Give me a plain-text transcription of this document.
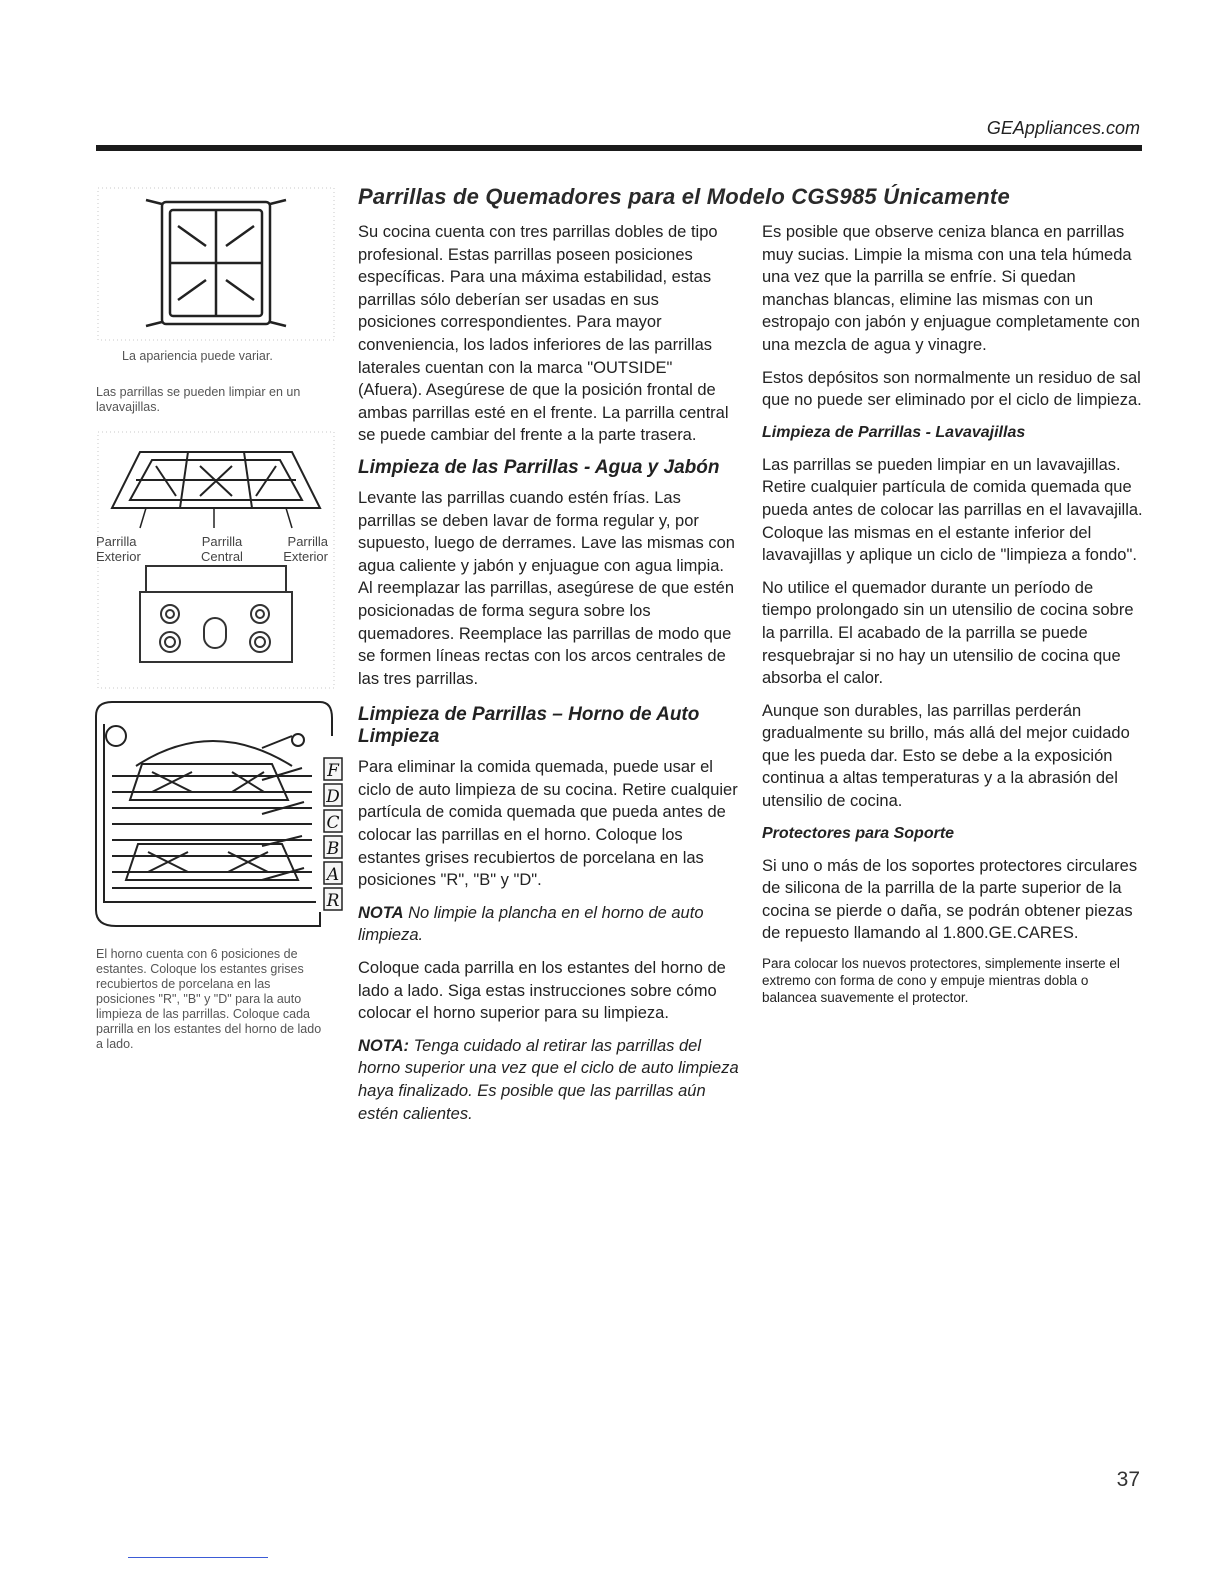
GEAppliances.com
Parrillas de Quemadores para el Modelo CGS985 Únicamente
La apariencia puede variar.
Las parrillas se pueden limpiar en un lavavajillas.
Parrilla
Exterior
Parrilla
Central
Parrilla
Exterior
F
D
C
B
A
R
El horno cuenta con 6 posiciones de estantes. Coloque los estantes grises recubiertos de porcelana en las posiciones "R", "B" y "D" para la auto limpieza de las parrillas. Coloque cada parrilla en los estantes del horno de lado a lado.

Su cocina cuenta con tres parrillas dobles de tipo profesional. Estas parrillas poseen posiciones específicas. Para una máxima estabilidad, estas parrillas sólo deberían ser usadas en sus posiciones correspondientes. Para mayor conveniencia, los lados inferiores de las parrillas laterales cuentan con la marca "OUTSIDE" (Afuera). Asegúrese de que la posición frontal de ambas parrillas esté en el frente. La parrilla central se puede cambiar del frente a la parte trasera.

Limpieza de las Parrillas - Agua y Jabón

Levante las parrillas cuando estén frías. Las parrillas se deben lavar de forma regular y, por supuesto, luego de derrames. Lave las mismas con agua caliente y jabón y enjuague con agua limpia. Al reemplazar las parrillas, asegúrese de que estén posicionadas de forma segura sobre los quemadores. Reemplace las parrillas de modo que se formen líneas rectas con los arcos centrales de las tres parrillas.

Limpieza de Parrillas – Horno de Auto Limpieza

Para eliminar la comida quemada, puede usar el ciclo de auto limpieza de su cocina. Retire cualquier partícula de comida quemada que pueda antes de colocar las parrillas en el horno. Coloque los estantes grises recubiertos de porcelana en las posiciones "R", "B" y "D".

NOTA No limpie la plancha en el horno de auto limpieza.

Coloque cada parrilla en los estantes del horno de lado a lado. Siga estas instrucciones sobre cómo colocar el horno superior para su limpieza.

NOTA: Tenga cuidado al retirar las parrillas del horno superior una vez que el ciclo de auto limpieza haya finalizado. Es posible que las parrillas aún estén calientes.

Es posible que observe ceniza blanca en parrillas muy sucias. Limpie la misma con una tela húmeda una vez que la parrilla se enfríe. Si quedan manchas blancas, elimine las mismas con un estropajo con jabón y enjuague completamente con una mezcla de agua y vinagre.

Estos depósitos son normalmente un residuo de sal que no puede ser eliminado por el ciclo de limpieza.

Limpieza de Parrillas - Lavavajillas

Las parrillas se pueden limpiar en un lavavajillas. Retire cualquier partícula de comida quemada que pueda antes de colocar las parrillas en el lavavajilla. Coloque las mismas en el estante inferior del lavavajillas y aplique un ciclo de "limpieza a fondo".

No utilice el quemador durante un período de tiempo prolongado sin un utensilio de cocina sobre la parrilla. El acabado de la parrilla se puede resquebrajar si no hay un utensilio de cocina que absorba el calor.

Aunque son durables, las parrillas perderán gradualmente su brillo, más allá del mejor cuidado que les pueda dar. Esto se debe a la exposición continua a altas temperaturas y a la abrasión del utensilio de cocina.

Protectores para Soporte

Si uno o más de los soportes protectores circulares de silicona de la parrilla de la parte superior de la cocina se pierde o daña, se podrán obtener piezas de repuesto llamando al 1.800.GE.CARES.

Para colocar los nuevos protectores, simplemente inserte el extremo con forma de cono y empuje mientras dobla o balancea suavemente el protector.

37
